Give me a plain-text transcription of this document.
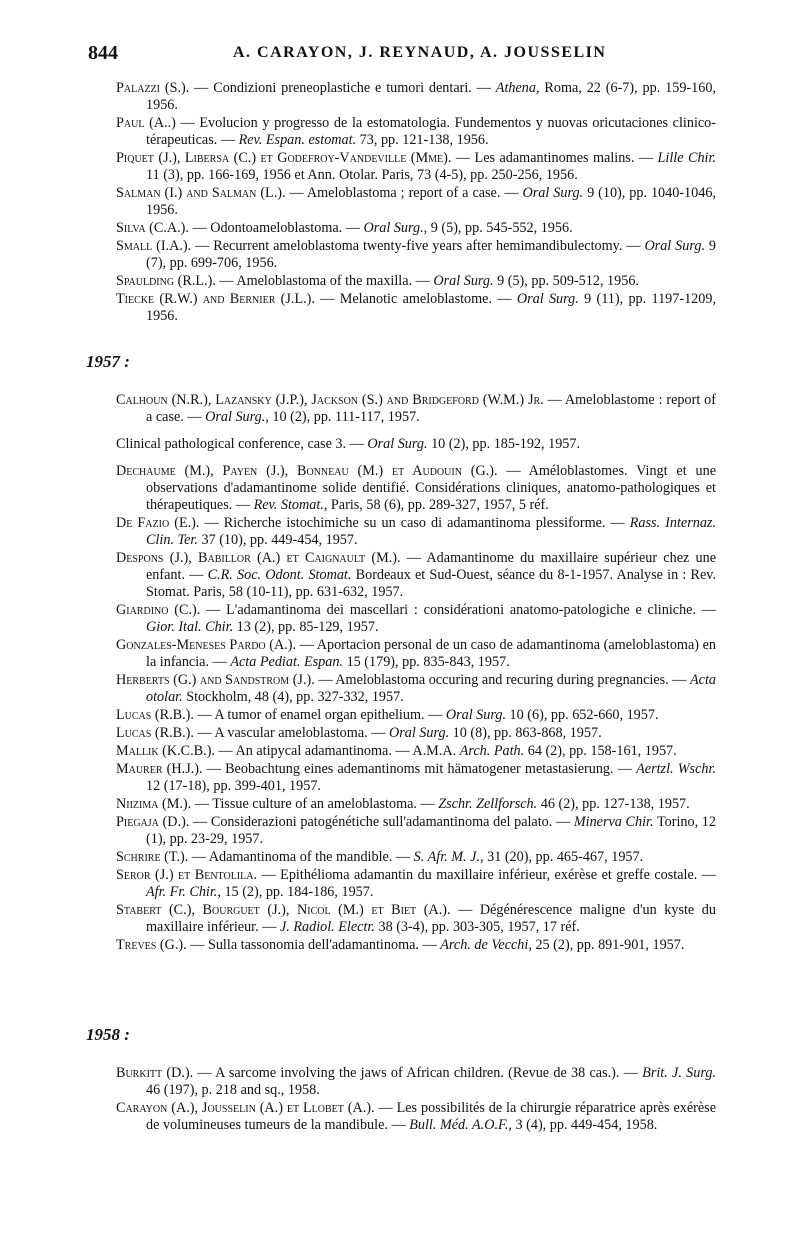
844	A. CARAYON, J. REYNAUD, A. JOUSSELIN

Palazzi (S.). — Condizioni preneoplastiche e tumori dentari. — Athena, Roma, 22 (6-7), pp. 159-160, 1956.

Paul (A..) — Evolucion y progresso de la estomatologia. Fundementos y nuovas oricutaciones clinico-térapeuticas. — Rev. Espan. estomat. 73, pp. 121-138, 1956.

Piquet (J.), Libersa (C.) et Godefroy-Vandeville (Mme). — Les adamantinomes malins. — Lille Chir. 11 (3), pp. 166-169, 1956 et Ann. Otolar. Paris, 73 (4-5), pp. 250-256, 1956.

Salman (I.) and Salman (L.). — Ameloblastoma ; report of a case. — Oral Surg. 9 (10), pp. 1040-1046, 1956.

Silva (C.A.). — Odontoameloblastoma. — Oral Surg., 9 (5), pp. 545-552, 1956.

Small (I.A.). — Recurrent ameloblastoma twenty-five years after hemimandibulectomy. — Oral Surg. 9 (7), pp. 699-706, 1956.

Spaulding (R.L.). — Ameloblastoma of the maxilla. — Oral Surg. 9 (5), pp. 509-512, 1956.

Tiecke (R.W.) and Bernier (J.L.). — Melanotic ameloblastome. — Oral Surg. 9 (11), pp. 1197-1209, 1956.

1957 :

Calhoun (N.R.), Lazansky (J.P.), Jackson (S.) and Bridgeford (W.M.) Jr. — Ameloblastome : report of a case. — Oral Surg., 10 (2), pp. 111-117, 1957.

Clinical pathological conference, case 3. — Oral Surg. 10 (2), pp. 185-192, 1957.

Dechaume (M.), Payen (J.), Bonneau (M.) et Audouin (G.). — Améloblastomes. Vingt et une observations d'adamantinome solide dentifié. Considérations cliniques, anatomo-pathologiques et thérapeutiques. — Rev. Stomat., Paris, 58 (6), pp. 289-327, 1957, 5 réf.

De Fazio (E.). — Richerche istochimiche su un caso di adamantinoma plessiforme. — Rass. Internaz. Clin. Ter. 37 (10), pp. 449-454, 1957.

Despons (J.), Babillor (A.) et Caignault (M.). — Adamantinome du maxillaire supérieur chez une enfant. — C.R. Soc. Odont. Stomat. Bordeaux et Sud-Ouest, séance du 8-1-1957. Analyse in : Rev. Stomat. Paris, 58 (10-11), pp. 631-632, 1957.

Giardino (C.). — L'adamantinoma dei mascellari : considérationi anatomo-patologiche e cliniche. — Gior. Ital. Chir. 13 (2), pp. 85-129, 1957.

Gonzales-Meneses Pardo (A.). — Aportacion personal de un caso de adamantinoma (ameloblastoma) en la infancia. — Acta Pediat. Espan. 15 (179), pp. 835-843, 1957.

Herberts (G.) and Sandstrom (J.). — Ameloblastoma occuring and recuring during pregnancies. — Acta otolar. Stockholm, 48 (4), pp. 327-332, 1957.

Lucas (R.B.). — A tumor of enamel organ epithelium. — Oral Surg. 10 (6), pp. 652-660, 1957.

Lucas (R.B.). — A vascular ameloblastoma. — Oral Surg. 10 (8), pp. 863-868, 1957.

Mallik (K.C.B.). — An atipycal adamantinoma. — A.M.A. Arch. Path. 64 (2), pp. 158-161, 1957.

Maurer (H.J.). — Beobachtung eines ademantinoms mit hämatogener metastasierung. — Aertzl. Wschr. 12 (17-18), pp. 399-401, 1957.

Niizima (M.). — Tissue culture of an ameloblastoma. — Zschr. Zellforsch. 46 (2), pp. 127-138, 1957.

Piegaja (D.). — Considerazioni patogénétiche sull'adamantinoma del palato. — Minerva Chir. Torino, 12 (1), pp. 23-29, 1957.

Schrire (T.). — Adamantinoma of the mandible. — S. Afr. M. J., 31 (20), pp. 465-467, 1957.

Seror (J.) et Bentolila. — Epithélioma adamantin du maxillaire inférieur, exérèse et greffe costale. — Afr. Fr. Chir., 15 (2), pp. 184-186, 1957.

Stabert (C.), Bourguet (J.), Nicol (M.) et Biet (A.). — Dégénérescence maligne d'un kyste du maxillaire inférieur. — J. Radiol. Electr. 38 (3-4), pp. 303-305, 1957, 17 réf.

Treves (G.). — Sulla tassonomia dell'adamantinoma. — Arch. de Vecchi, 25 (2), pp. 891-901, 1957.

1958 :

Burkitt (D.). — A sarcome involving the jaws of African children. (Revue de 38 cas.). — Brit. J. Surg. 46 (197), p. 218 and sq., 1958.

Carayon (A.), Jousselin (A.) et Llobet (A.). — Les possibilités de la chirurgie réparatrice après exérèse de volumineuses tumeurs de la mandibule. — Bull. Méd. A.O.F., 3 (4), pp. 449-454, 1958.
